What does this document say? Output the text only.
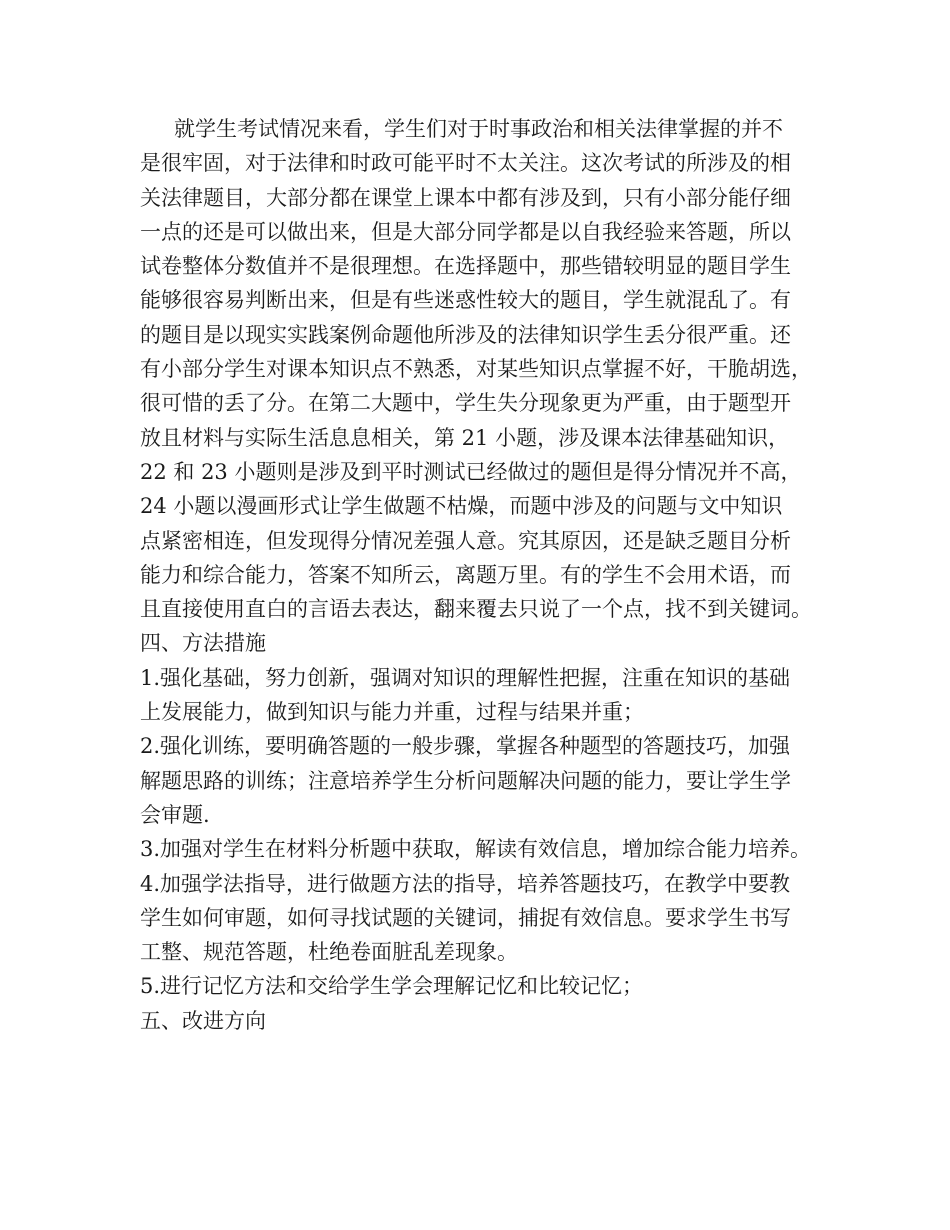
就学生考试情况来看，学生们对于时事政治和相关法律掌握的并不
是很牢固，对于法律和时政可能平时不太关注。这次考试的所涉及的相
关法律题目，大部分都在课堂上课本中都有涉及到，只有小部分能仔细
一点的还是可以做出来，但是大部分同学都是以自我经验来答题，所以
试卷整体分数值并不是很理想。在选择题中，那些错较明显的题目学生
能够很容易判断出来，但是有些迷惑性较大的题目，学生就混乱了。有
的题目是以现实实践案例命题他所涉及的法律知识学生丢分很严重。还
有小部分学生对课本知识点不熟悉，对某些知识点掌握不好，干脆胡选，
很可惜的丢了分。在第二大题中，学生失分现象更为严重，由于题型开
放且材料与实际生活息息相关，第 21 小题，涉及课本法律基础知识，
22 和 23 小题则是涉及到平时测试已经做过的题但是得分情况并不高，
24 小题以漫画形式让学生做题不枯燥，而题中涉及的问题与文中知识
点紧密相连，但发现得分情况差强人意。究其原因，还是缺乏题目分析
能力和综合能力，答案不知所云，离题万里。有的学生不会用术语，而
且直接使用直白的言语去表达，翻来覆去只说了一个点，找不到关键词。
四、方法措施
1.强化基础，努力创新，强调对知识的理解性把握，注重在知识的基础
上发展能力，做到知识与能力并重，过程与结果并重；
2.强化训练，要明确答题的一般步骤，掌握各种题型的答题技巧，加强
解题思路的训练；注意培养学生分析问题解决问题的能力，要让学生学
会审题.
3.加强对学生在材料分析题中获取，解读有效信息，增加综合能力培养。
4.加强学法指导，进行做题方法的指导，培养答题技巧，在教学中要教
学生如何审题，如何寻找试题的关键词，捕捉有效信息。要求学生书写
工整、规范答题，杜绝卷面脏乱差现象。
5.进行记忆方法和交给学生学会理解记忆和比较记忆；
五、改进方向
